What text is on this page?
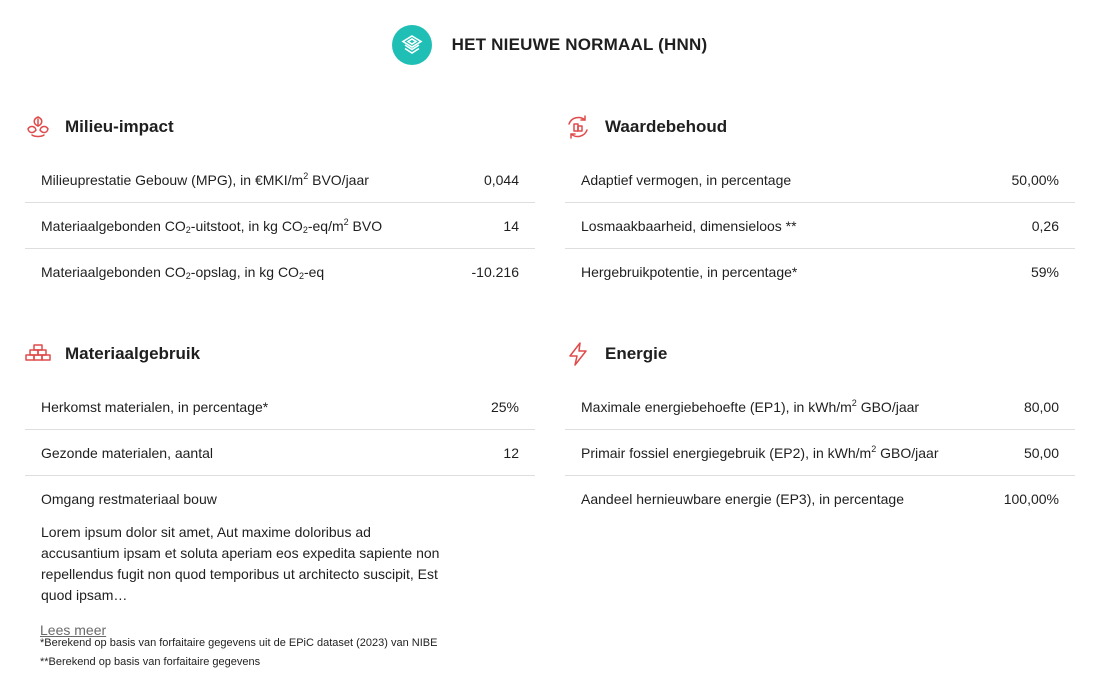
HET NIEUWE NORMAAL (HNN)
Milieu-impact
Milieuprestatie Gebouw (MPG), in $€MKI/m^2$ BVO/jaar	0,044
Materiaalgebonden $CO_2$-uitstoot, in kg $CO_2-eq/m^2$ BVO	14
Materiaalgebonden $CO_2$-opslag, in kg $CO_2-eq$	-10.216
Waardebehoud
Adaptief vermogen, in percentage	50,00%
Losmaakbaarheid, dimensieloos **	0,26
Hergebruikpotentie, in percentage*	59%
Materiaalgebruik
Herkomst materialen, in percentage*	25%
Gezonde materialen, aantal	12
Omgang restmateriaal bouw
Lorem ipsum dolor sit amet, Aut maxime doloribus ad accusantium ipsam et soluta aperiam eos expedita sapiente non repellendus fugit non quod temporibus ut architecto suscipit, Est quod ipsam…
Lees meer
Energie
Maximale energiebehoefte (EP1), in kWh/$m^2$ GBO/jaar	80,00
Primair fossiel energiegebruik (EP2), in kWh/$m^2$ GBO/jaar	50,00
Aandeel hernieuwbare energie (EP3), in percentage	100,00%
*Berekend op basis van forfaitaire gegevens uit de EPiC dataset (2023) van NIBE
**Berekend op basis van forfaitaire gegevens
